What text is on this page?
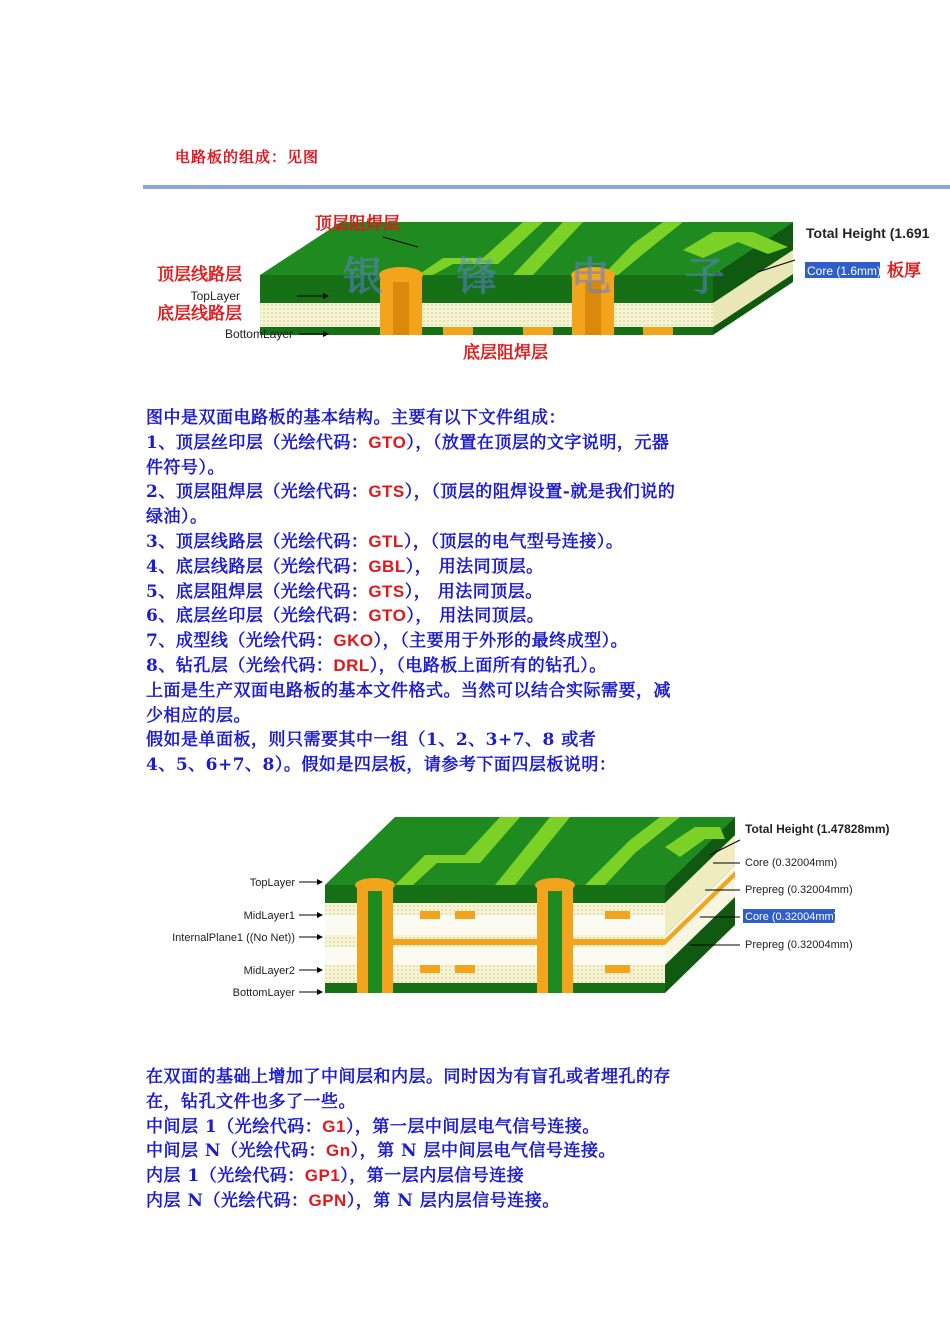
电路板的组成：见图
银 锋 电 子
顶层阻焊层
顶层线路层
TopLayer
底层线路层
BottomLayer
底层阻焊层
Total Height (1.691
Core (1.6mm) 板厚
图中是双面电路板的基本结构。主要有以下文件组成：
1、顶层丝印层（光绘代码：GTO），（放置在顶层的文字说明，元器
件符号）。
2、顶层阻焊层（光绘代码：GTS），（顶层的阻焊设置-就是我们说的
绿油）。
3、顶层线路层（光绘代码：GTL），（顶层的电气型号连接）。
4、底层线路层（光绘代码：GBL）， 用法同顶层。
5、底层阻焊层（光绘代码：GTS）， 用法同顶层。
6、底层丝印层（光绘代码：GTO）， 用法同顶层。
7、成型线（光绘代码：GKO），（主要用于外形的最终成型）。
8、钻孔层（光绘代码：DRL），（电路板上面所有的钻孔）。
上面是生产双面电路板的基本文件格式。当然可以结合实际需要，减
少相应的层。
假如是单面板，则只需要其中一组（1、2、3+7、8 或者
4、5、6+7、8）。假如是四层板，请参考下面四层板说明：
TopLayer
MidLayer1
InternalPlane1 ((No Net))
MidLayer2
BottomLayer
Total Height (1.47828mm)
Core (0.32004mm)
Prepreg (0.32004mm)
Core (0.32004mm)
Prepreg (0.32004mm)
在双面的基础上增加了中间层和内层。同时因为有盲孔或者埋孔的存
在，钻孔文件也多了一些。
中间层 1（光绘代码：G1），第一层中间层电气信号连接。
中间层 N（光绘代码：Gn），第 N 层中间层电气信号连接。
内层 1（光绘代码：GP1），第一层内层信号连接
内层 N（光绘代码：GPN），第 N 层内层信号连接。
